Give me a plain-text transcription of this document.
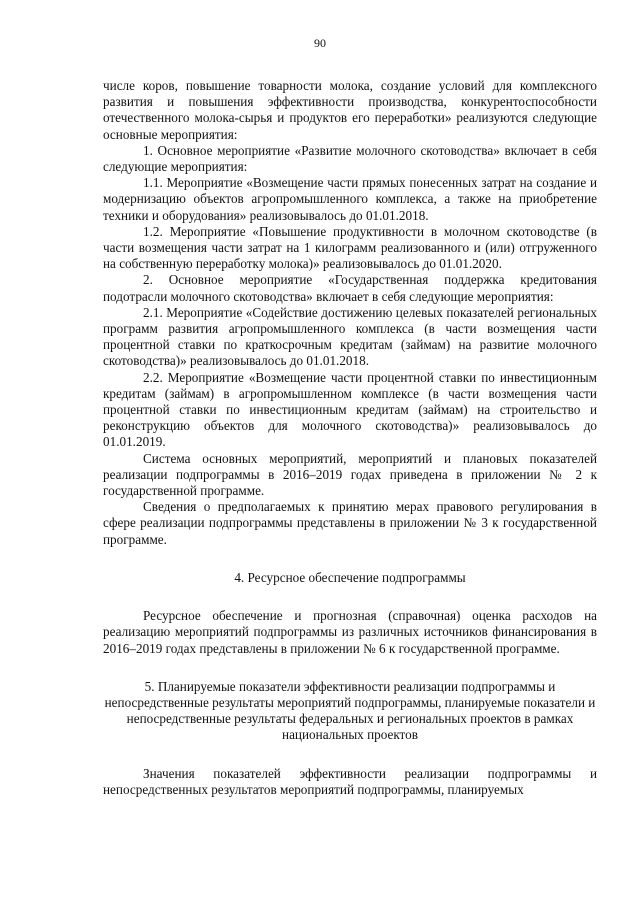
90

числе коров, повышение товарности молока, создание условий для комплексного развития и повышения эффективности производства, конкурентоспособности отечественного молока-сырья и продуктов его переработки» реализуются следующие основные мероприятия:

1. Основное мероприятие «Развитие молочного скотоводства» включает в себя следующие мероприятия:

1.1. Мероприятие «Возмещение части прямых понесенных затрат на создание и модернизацию объектов агропромышленного комплекса, а также на приобретение техники и оборудования» реализовывалось до 01.01.2018.

1.2. Мероприятие «Повышение продуктивности в молочном скотоводстве (в части возмещения части затрат на 1 килограмм реализованного и (или) отгруженного на собственную переработку молока)» реализовывалось до 01.01.2020.

2. Основное мероприятие «Государственная поддержка кредитования подотрасли молочного скотоводства» включает в себя следующие мероприятия:

2.1. Мероприятие «Содействие достижению целевых показателей региональных программ развития агропромышленного комплекса (в части возмещения части процентной ставки по краткосрочным кредитам (займам) на развитие молочного скотоводства)» реализовывалось до 01.01.2018.

2.2. Мероприятие «Возмещение части процентной ставки по инвестиционным кредитам (займам) в агропромышленном комплексе (в части возмещения части процентной ставки по инвестиционным кредитам (займам) на строительство и реконструкцию объектов для молочного скотоводства)» реализовывалось до 01.01.2019.

Система основных мероприятий, мероприятий и плановых показателей реализации подпрограммы в 2016–2019 годах приведена в приложении № 2 к государственной программе.

Сведения о предполагаемых к принятию мерах правового регулирования в сфере реализации подпрограммы представлены в приложении № 3 к государственной программе.

4. Ресурсное обеспечение подпрограммы

Ресурсное обеспечение и прогнозная (справочная) оценка расходов на реализацию мероприятий подпрограммы из различных источников финансирования в 2016–2019 годах представлены в приложении № 6 к государственной программе.

5. Планируемые показатели эффективности реализации подпрограммы и непосредственные результаты мероприятий подпрограммы, планируемые показатели и непосредственные результаты федеральных и региональных проектов в рамках национальных проектов

Значения показателей эффективности реализации подпрограммы и непосредственных результатов мероприятий подпрограммы, планируемых
